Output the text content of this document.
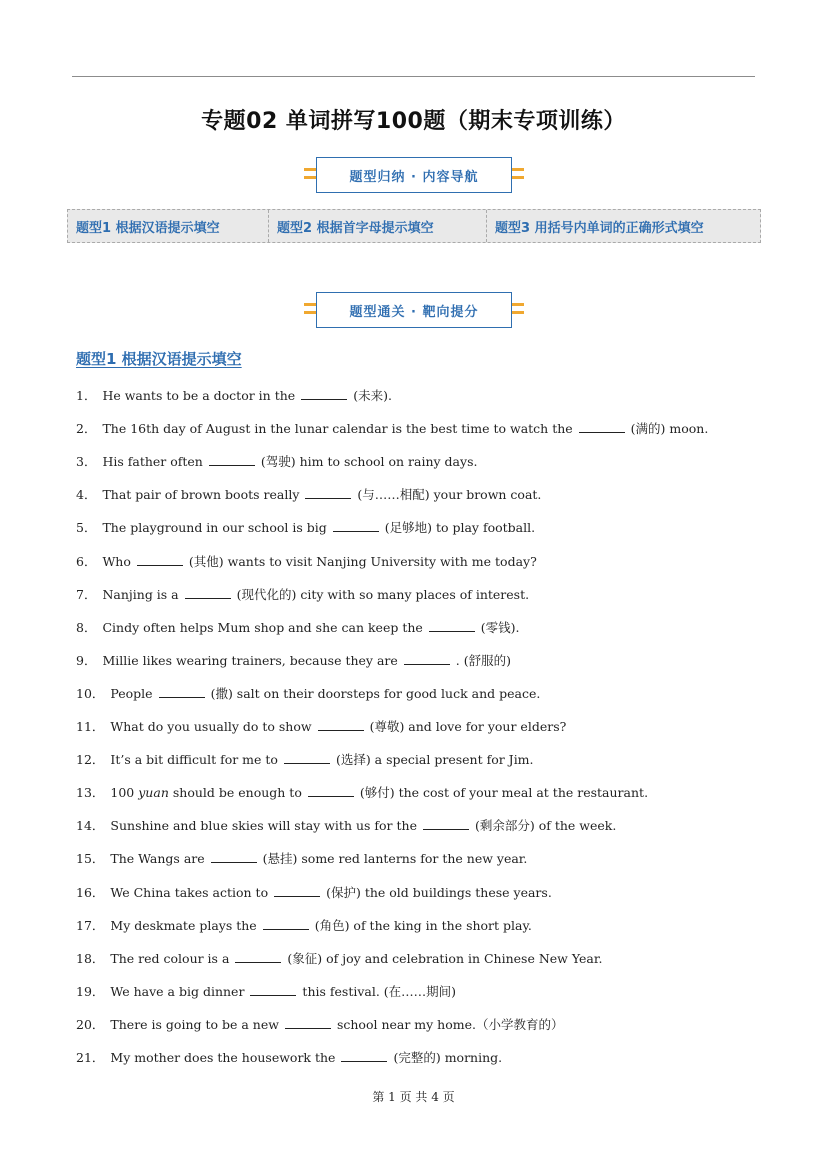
专题02 单词拼写100题（期末专项训练）
题型归纳 · 内容导航
题型1 根据汉语提示填空	题型2 根据首字母提示填空	题型3 用括号内单词的正确形式填空
题型通关 · 靶向提分
题型1 根据汉语提示填空
1． He wants to be a doctor in the	(未来).
2． The 16th day of August in the lunar calendar is the best time to watch the	(满的) moon.
3． His father often	(驾驶) him to school on rainy days.
4． That pair of brown boots really	(与……相配) your brown coat.
5． The playground in our school is big	(足够地) to play football.
6． Who	(其他) wants to visit Nanjing University with me today?
7． Nanjing is a	(现代化的) city with so many places of interest.
8． Cindy often helps Mum shop and she can keep the	(零钱).
9． Millie likes wearing trainers, because they are	. (舒服的)
10． People	(撒) salt on their doorsteps for good luck and peace.
11． What do you usually do to show	(尊敬) and love for your elders?
12． It’s a bit difficult for me to	(选择) a special present for Jim.
13． 100 yuan should be enough to	(够付) the cost of your meal at the restaurant.
14． Sunshine and blue skies will stay with us for the	(剩余部分) of the week.
15． The Wangs are	(悬挂) some red lanterns for the new year.
16． We China takes action to	(保护) the old buildings these years.
17． My deskmate plays the	(角色) of the king in the short play.
18． The red colour is a	(象征) of joy and celebration in Chinese New Year.
19． We have a big dinner	this festival. (在……期间)
20． There is going to be a new	school near my home.（小学教育的）
21． My mother does the housework the	(完整的) morning.
第 1 页 共 4 页
